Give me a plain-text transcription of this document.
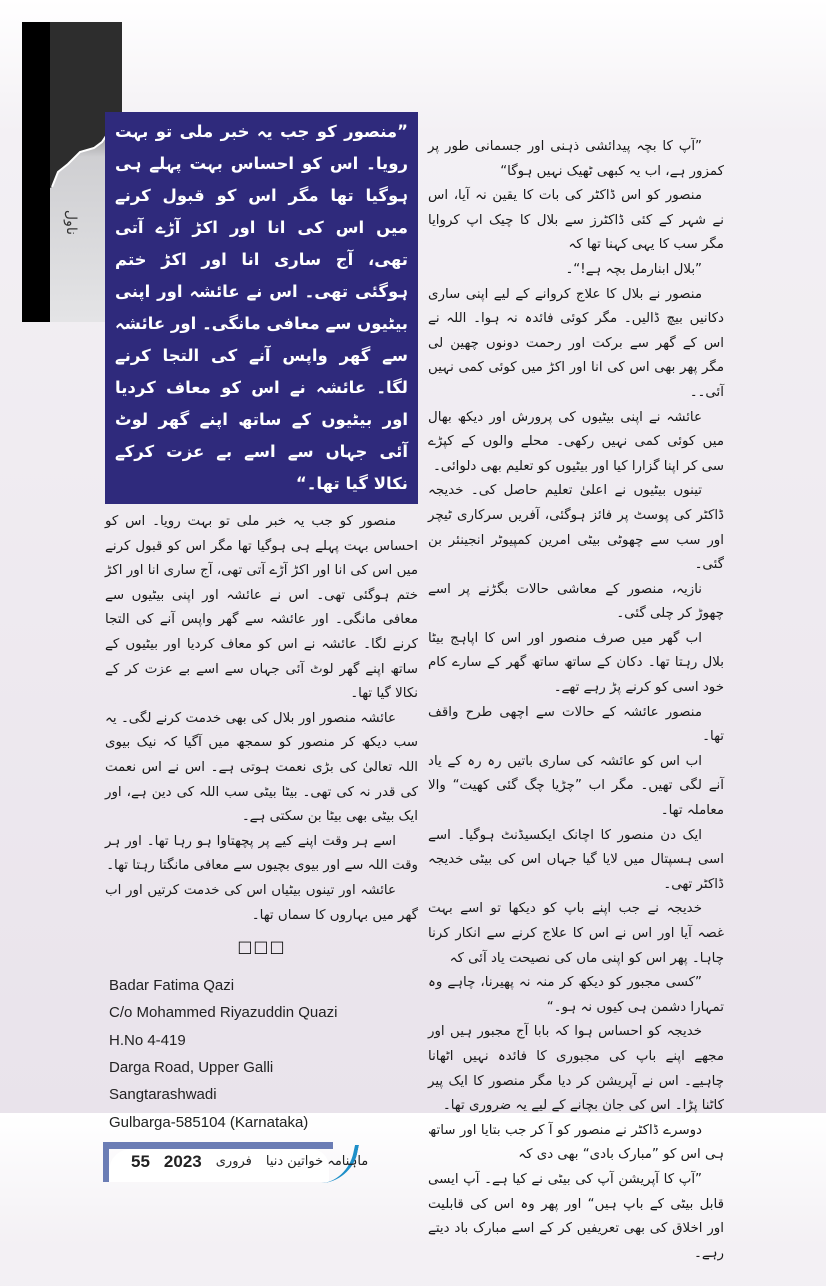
ناول

”منصور کو جب یہ خبر ملی تو بہت رویا۔ اس کو احساس بہت پہلے ہی ہوگیا تھا مگر اس کو قبول کرنے میں اس کی انا اور اکڑ آڑے آتی تھی، آج ساری انا اور اکڑ ختم ہوگئی تھی۔ اس نے عائشہ اور اپنی بیٹیوں سے معافی مانگی۔ اور عائشہ سے گھر واپس آنے کی التجا کرنے لگا۔ عائشہ نے اس کو معاف کردیا اور بیٹیوں کے ساتھ اپنے گھر لوٹ آئی جہاں سے اسے بے عزت کرکے نکالا گیا تھا۔“

منصور کو جب یہ خبر ملی تو بہت رویا۔ اس کو احساس بہت پہلے ہی ہوگیا تھا مگر اس کو قبول کرنے میں اس کی انا اور اکڑ آڑے آتی تھی، آج ساری انا اور اکڑ ختم ہوگئی تھی۔ اس نے عائشہ اور اپنی بیٹیوں سے معافی مانگی۔ اور عائشہ سے گھر واپس آنے کی التجا کرنے لگا۔ عائشہ نے اس کو معاف کردیا اور بیٹیوں کے ساتھ اپنے گھر لوٹ آئی جہاں سے اسے بے عزت کر کے نکالا گیا تھا۔

عائشہ منصور اور بلال کی بھی خدمت کرنے لگی۔ یہ سب دیکھ کر منصور کو سمجھ میں آگیا کہ نیک بیوی اللہ تعالیٰ کی بڑی نعمت ہوتی ہے۔ اس نے اس نعمت کی قدر نہ کی تھی۔ بیٹا بیٹی سب اللہ کی دین ہے، اور ایک بیٹی بھی بیٹا بن سکتی ہے۔

اسے ہر وقت اپنے کیے پر پچھتاوا ہو رہا تھا۔ اور ہر وقت اللہ سے اور بیوی بچیوں سے معافی مانگتا رہتا تھا۔

عائشہ اور تینوں بیٹیاں اس کی خدمت کرتیں اور اب گھر میں بہاروں کا سماں تھا۔

□□□
Badar Fatima Qazi
C/o Mohammed Riyazuddin Quazi
H.No 4-419
Darga Road, Upper Galli
Sangtarashwadi
Gulbarga-585104 (Karnataka)
55 2023 فروری ماہنامہ خواتین دنیا

”آپ کا بچہ پیدائشی ذہنی اور جسمانی طور پر کمزور ہے، اب یہ کبھی ٹھیک نہیں ہوگا“

منصور کو اس ڈاکٹر کی بات کا یقین نہ آیا، اس نے شہر کے کئی ڈاکٹرز سے بلال کا چیک اپ کروایا مگر سب کا یہی کہنا تھا کہ

”بلال ابنارمل بچہ ہے!“۔

منصور نے بلال کا علاج کروانے کے لیے اپنی ساری دکانیں بیچ ڈالیں۔ مگر کوئی فائدہ نہ ہوا۔ اللہ نے اس کے گھر سے برکت اور رحمت دونوں چھین لی مگر پھر بھی اس کی انا اور اکڑ میں کوئی کمی نہیں آئی۔۔

عائشہ نے اپنی بیٹیوں کی پرورش اور دیکھ بھال میں کوئی کمی نہیں رکھی۔ محلے والوں کے کپڑے سی کر اپنا گزارا کیا اور بیٹیوں کو تعلیم بھی دلوائی۔

تینوں بیٹیوں نے اعلیٰ تعلیم حاصل کی۔ خدیجہ ڈاکٹر کی پوسٹ پر فائز ہوگئی، آفریں سرکاری ٹیچر اور سب سے چھوٹی بیٹی امرین کمپیوٹر انجینئر بن گئی۔

نازیہ، منصور کے معاشی حالات بگڑنے پر اسے چھوڑ کر چلی گئی۔

اب گھر میں صرف منصور اور اس کا اپاہج بیٹا بلال رہتا تھا۔ دکان کے ساتھ ساتھ گھر کے سارے کام خود اسی کو کرنے پڑ رہے تھے۔

منصور عائشہ کے حالات سے اچھی طرح واقف تھا۔

اب اس کو عائشہ کی ساری باتیں رہ رہ کے یاد آنے لگی تھیں۔ مگر اب ”چڑیا چگ گئی کھیت“ والا معاملہ تھا۔

ایک دن منصور کا اچانک ایکسیڈنٹ ہوگیا۔ اسے اسی ہسپتال میں لایا گیا جہاں اس کی بیٹی خدیجہ ڈاکٹر تھی۔

خدیجہ نے جب اپنے باپ کو دیکھا تو اسے بہت غصہ آیا اور اس نے اس کا علاج کرنے سے انکار کرنا چاہا۔ پھر اس کو اپنی ماں کی نصیحت یاد آئی کہ

”کسی مجبور کو دیکھ کر منہ نہ پھیرنا، چاہے وہ تمہارا دشمن ہی کیوں نہ ہو۔“

خدیجہ کو احساس ہوا کہ بابا آج مجبور ہیں اور مجھے اپنے باپ کی مجبوری کا فائدہ نہیں اٹھانا چاہیے۔ اس نے آپریشن کر دیا مگر منصور کا ایک پیر کاٹنا پڑا۔ اس کی جان بچانے کے لیے یہ ضروری تھا۔

دوسرے ڈاکٹر نے منصور کو آ کر جب بتایا اور ساتھ ہی اس کو ”مبارک بادی“ بھی دی کہ

”آپ کا آپریشن آپ کی بیٹی نے کیا ہے۔ آپ ایسی قابل بیٹی کے باپ ہیں“ اور پھر وہ اس کی قابلیت اور اخلاق کی بھی تعریفیں کر کے اسے مبارک باد دیتے رہے۔
